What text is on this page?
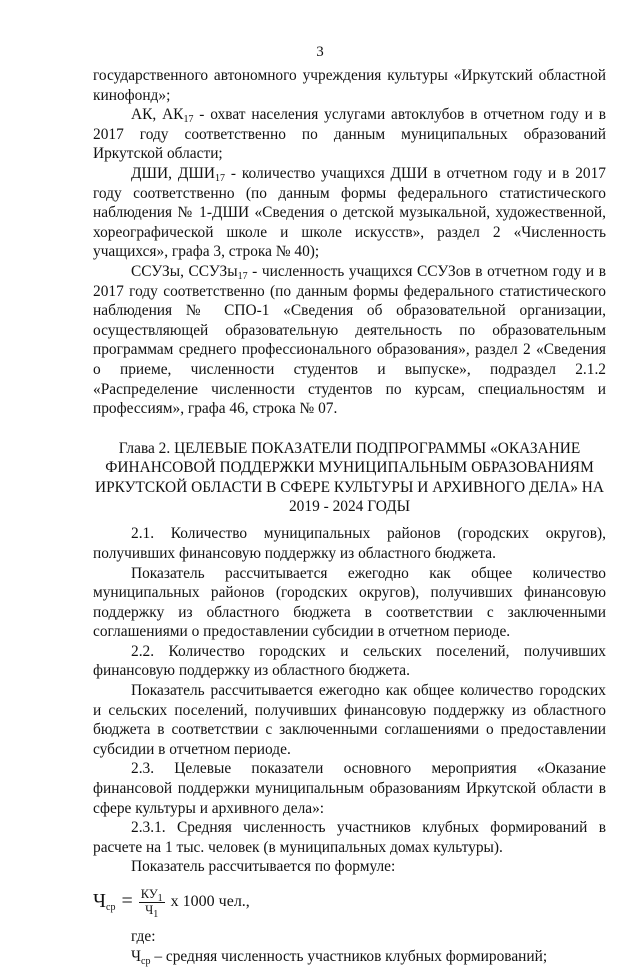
3

государственного автономного учреждения культуры «Иркутский областной кинофонд»;

АК, $АК_{17}$ - охват населения услугами автоклубов в отчетном году и в 2017 году соответственно по данным муниципальных образований Иркутской области;

ДШИ, $ДШИ_{17}$ - количество учащихся ДШИ в отчетном году и в 2017 году соответственно (по данным формы федерального статистического наблюдения № 1-ДШИ «Сведения о детской музыкальной, художественной, хореографической школе и школе искусств», раздел 2 «Численность учащихся», графа 3, строка № 40);

ССУЗы, ССУЗы$_{17}$ - численность учащихся ССУЗов в отчетном году и в 2017 году соответственно (по данным формы федерального статистического наблюдения № СПО-1 «Сведения об образовательной организации, осуществляющей образовательную деятельность по образовательным программам среднего профессионального образования», раздел 2 «Сведения о приеме, численности студентов и выпуске», подраздел 2.1.2 «Распределение численности студентов по курсам, специальностям и профессиям», графа 46, строка № 07.

Глава 2. ЦЕЛЕВЫЕ ПОКАЗАТЕЛИ ПОДПРОГРАММЫ «ОКАЗАНИЕ ФИНАНСОВОЙ ПОДДЕРЖКИ МУНИЦИПАЛЬНЫМ ОБРАЗОВАНИЯМ ИРКУТСКОЙ ОБЛАСТИ В СФЕРЕ КУЛЬТУРЫ И АРХИВНОГО ДЕЛА» НА 2019 - 2024 ГОДЫ

2.1. Количество муниципальных районов (городских округов), получивших финансовую поддержку из областного бюджета.

Показатель рассчитывается ежегодно как общее количество муниципальных районов (городских округов), получивших финансовую поддержку из областного бюджета в соответствии с заключенными соглашениями о предоставлении субсидии в отчетном периоде.

2.2. Количество городских и сельских поселений, получивших финансовую поддержку из областного бюджета.

Показатель рассчитывается ежегодно как общее количество городских и сельских поселений, получивших финансовую поддержку из областного бюджета в соответствии с заключенными соглашениями о предоставлении субсидии в отчетном периоде.

2.3. Целевые показатели основного мероприятия «Оказание финансовой поддержки муниципальным образованиям Иркутской области в сфере культуры и архивного дела»:

2.3.1. Средняя численность участников клубных формирований в расчете на 1 тыс. человек (в муниципальных домах культуры).

Показатель рассчитывается по формуле:

$Ч_{ср} = \frac{КУ_1}{Ч_1}$ x 1000 чел.,

где:

$Ч_{ср}$ – средняя численность участников клубных формирований;
